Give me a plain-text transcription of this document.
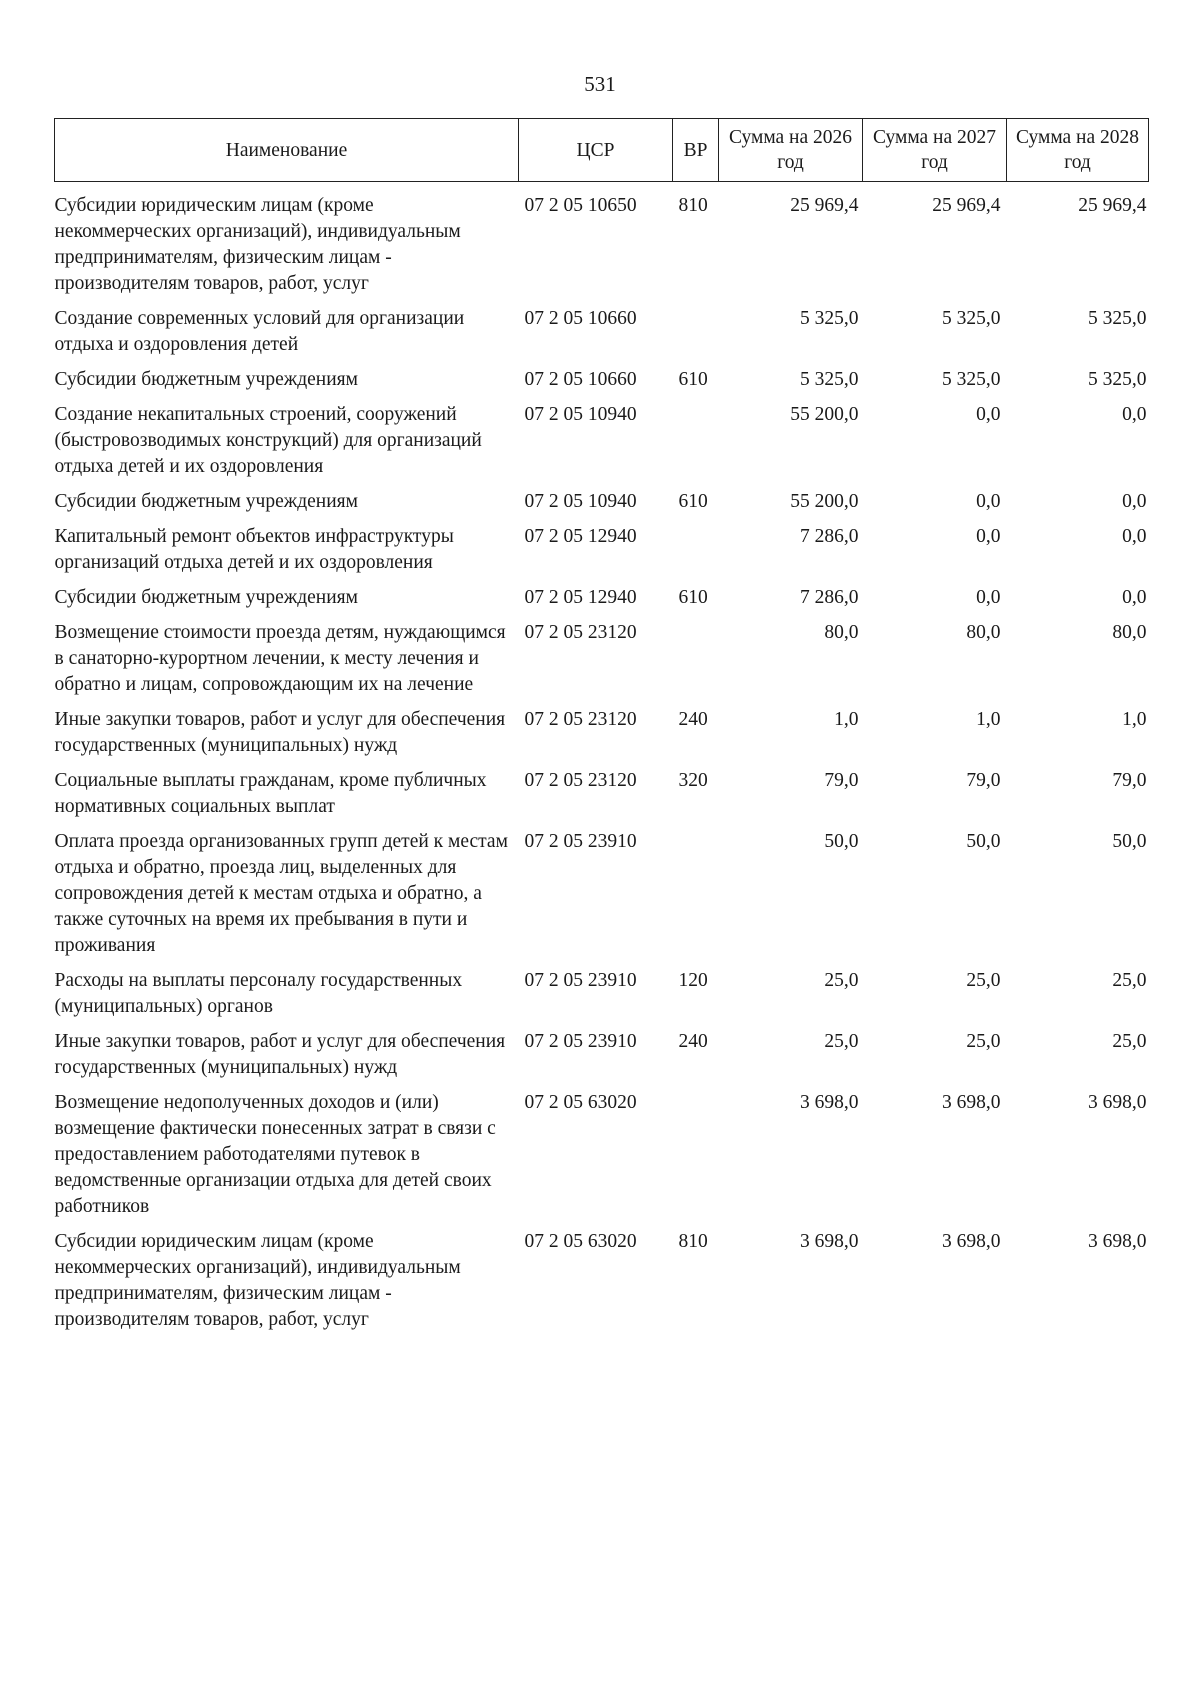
531
Наименование	ЦСР	ВР	Сумма на 2026 год	Сумма на 2027 год	Сумма на 2028 год
Субсидии юридическим лицам (кроме некоммерческих организаций), индивидуальным предпринимателям, физическим лицам - производителям товаров, работ, услуг	07 2 05 10650	810	25 969,4	25 969,4	25 969,4
Создание современных условий для организации отдыха и оздоровления детей	07 2 05 10660		5 325,0	5 325,0	5 325,0
Субсидии бюджетным учреждениям	07 2 05 10660	610	5 325,0	5 325,0	5 325,0
Создание некапитальных строений, сооружений (быстровозводимых конструкций) для организаций отдыха детей и их оздоровления	07 2 05 10940		55 200,0	0,0	0,0
Субсидии бюджетным учреждениям	07 2 05 10940	610	55 200,0	0,0	0,0
Капитальный ремонт объектов инфраструктуры организаций отдыха детей и их оздоровления	07 2 05 12940		7 286,0	0,0	0,0
Субсидии бюджетным учреждениям	07 2 05 12940	610	7 286,0	0,0	0,0
Возмещение стоимости проезда детям, нуждающимся в санаторно-курортном лечении, к месту лечения и обратно и лицам, сопровождающим их на лечение	07 2 05 23120		80,0	80,0	80,0
Иные закупки товаров, работ и услуг для обеспечения государственных (муниципальных) нужд	07 2 05 23120	240	1,0	1,0	1,0
Социальные выплаты гражданам, кроме публичных нормативных социальных выплат	07 2 05 23120	320	79,0	79,0	79,0
Оплата проезда организованных групп детей к местам отдыха и обратно, проезда лиц, выделенных для сопровождения детей к местам отдыха и обратно, а также суточных на время их пребывания в пути и проживания	07 2 05 23910		50,0	50,0	50,0
Расходы на выплаты персоналу государственных (муниципальных) органов	07 2 05 23910	120	25,0	25,0	25,0
Иные закупки товаров, работ и услуг для обеспечения государственных (муниципальных) нужд	07 2 05 23910	240	25,0	25,0	25,0
Возмещение недополученных доходов и (или) возмещение фактически понесенных затрат в связи с предоставлением работодателями путевок в ведомственные организации отдыха для детей своих работников	07 2 05 63020		3 698,0	3 698,0	3 698,0
Субсидии юридическим лицам (кроме некоммерческих организаций), индивидуальным предпринимателям, физическим лицам - производителям товаров, работ, услуг	07 2 05 63020	810	3 698,0	3 698,0	3 698,0
